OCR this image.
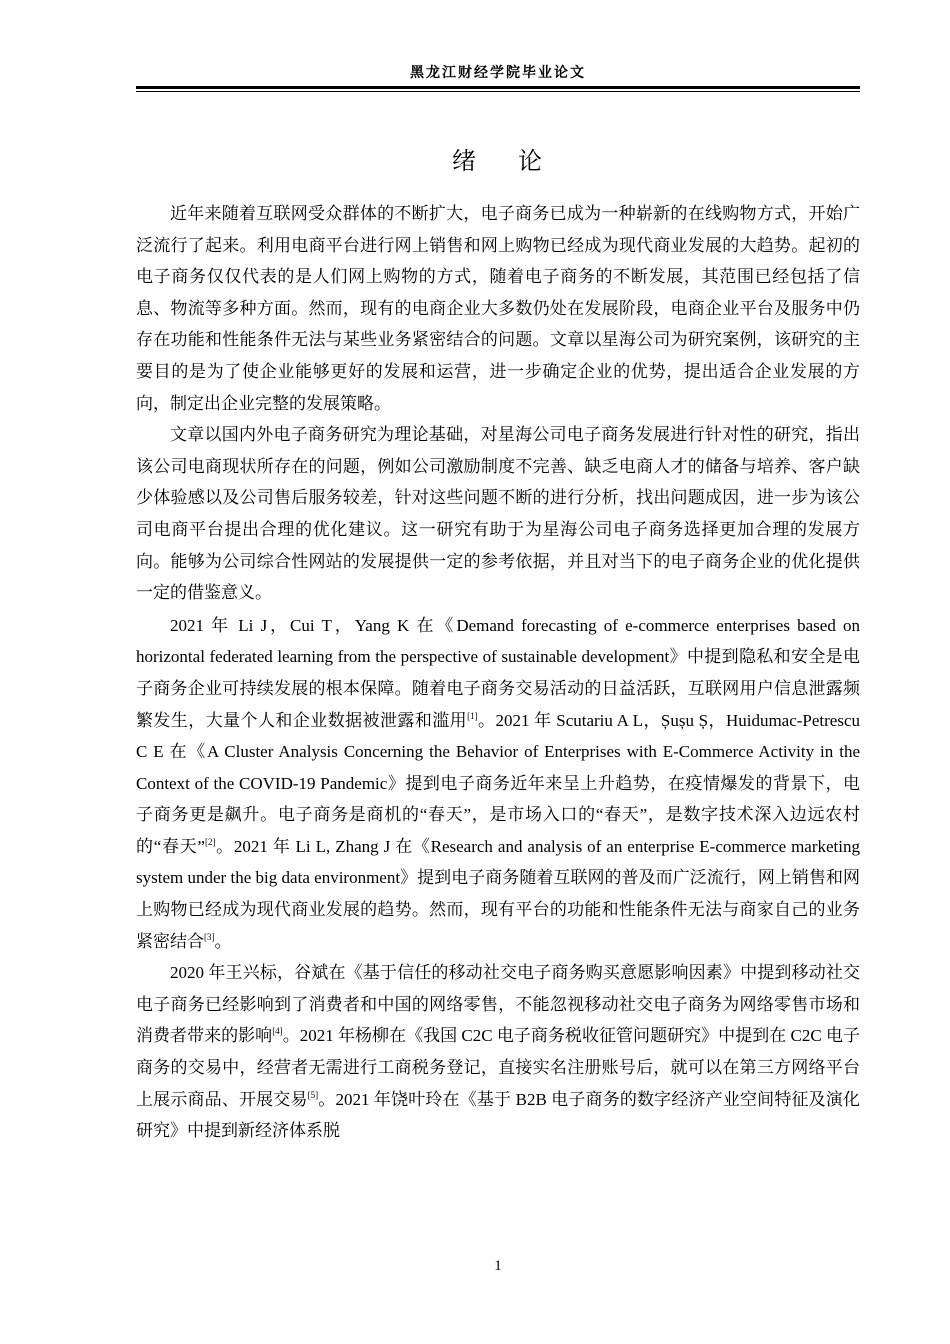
黑龙江财经学院毕业论文
绪 论

近年来随着互联网受众群体的不断扩大，电子商务已成为一种崭新的在线购物方式，开始广泛流行了起来。利用电商平台进行网上销售和网上购物已经成为现代商业发展的大趋势。起初的电子商务仅仅代表的是人们网上购物的方式，随着电子商务的不断发展，其范围已经包括了信息、物流等多种方面。然而，现有的电商企业大多数仍处在发展阶段，电商企业平台及服务中仍存在功能和性能条件无法与某些业务紧密结合的问题。文章以星海公司为研究案例，该研究的主要目的是为了使企业能够更好的发展和运营，进一步确定企业的优势，提出适合企业发展的方向，制定出企业完整的发展策略。

文章以国内外电子商务研究为理论基础，对星海公司电子商务发展进行针对性的研究，指出该公司电商现状所存在的问题，例如公司激励制度不完善、缺乏电商人才的储备与培养、客户缺少体验感以及公司售后服务较差，针对这些问题不断的进行分析，找出问题成因，进一步为该公司电商平台提出合理的优化建议。这一研究有助于为星海公司电子商务选择更加合理的发展方向。能够为公司综合性网站的发展提供一定的参考依据，并且对当下的电子商务企业的优化提供一定的借鉴意义。

2021 年 Li J，Cui T，Yang K 在《Demand forecasting of e-commerce enterprises based on horizontal federated learning from the perspective of sustainable development》中提到隐私和安全是电子商务企业可持续发展的根本保障。随着电子商务交易活动的日益活跃，互联网用户信息泄露频繁发生，大量个人和企业数据被泄露和滥用[1]。2021 年 Scutariu A L，Șușu Ș，Huidumac-Petrescu C E 在《A Cluster Analysis Concerning the Behavior of Enterprises with E-Commerce Activity in the Context of the COVID-19 Pandemic》提到电子商务近年来呈上升趋势，在疫情爆发的背景下，电子商务更是飙升。电子商务是商机的“春天”，是市场入口的“春天”，是数字技术深入边远农村的“春天”[2]。2021 年 Li L, Zhang J 在《Research and analysis of an enterprise E-commerce marketing system under the big data environment》提到电子商务随着互联网的普及而广泛流行，网上销售和网上购物已经成为现代商业发展的趋势。然而，现有平台的功能和性能条件无法与商家自己的业务紧密结合[3]。

2020 年王兴标，谷斌在《基于信任的移动社交电子商务购买意愿影响因素》中提到移动社交电子商务已经影响到了消费者和中国的网络零售，不能忽视移动社交电子商务为网络零售市场和消费者带来的影响[4]。2021 年杨柳在《我国 C2C 电子商务税收征管问题研究》中提到在 C2C 电子商务的交易中，经营者无需进行工商税务登记，直接实名注册账号后，就可以在第三方网络平台上展示商品、开展交易[5]。2021 年饶叶玲在《基于 B2B 电子商务的数字经济产业空间特征及演化研究》中提到新经济体系脱

1
